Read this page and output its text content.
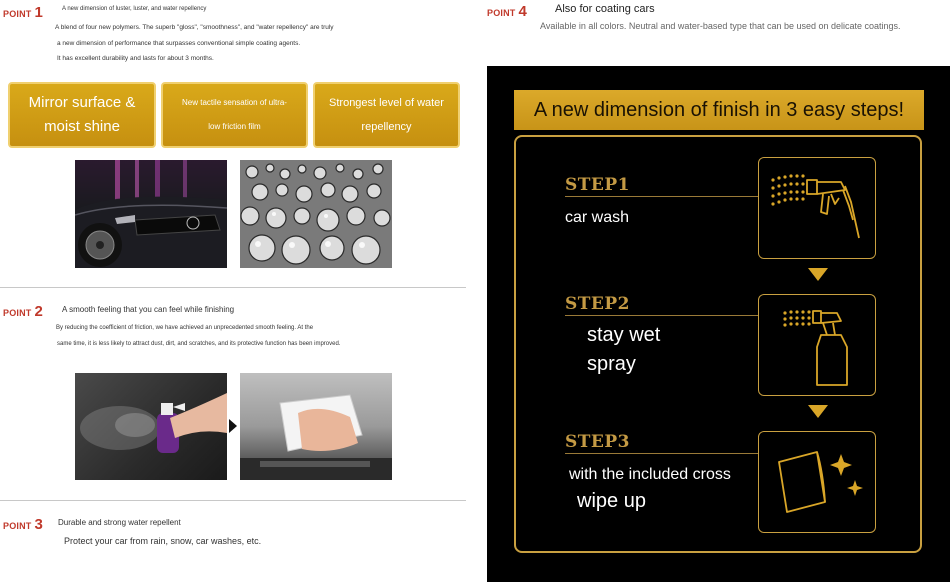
POINT 1	A new dimension of luster, luster, and water repellency
A blend of four new polymers. The superb "gloss", "smoothness", and "water repellency" are truly
a new dimension of performance that surpasses conventional simple coating agents.
It has excellent durability and lasts for about 3 months.
Mirror surface &
moist shine
New tactile sensation of ultra-
low friction film
Strongest level of water
repellency
POINT 2 A smooth feeling that you can feel while finishing
By reducing the coefficient of friction, we have achieved an unprecedented smooth feeling. At the
same time, it is less likely to attract dust, dirt, and scratches, and its protective function has been improved.
POINT 3 Durable and strong water repellent
Protect your car from rain, snow, car washes, etc.
POINT 4	Also for coating cars
Available in all colors. Neutral and water-based type that can be used on delicate coatings.
A new dimension of finish in 3 easy steps!
STEP1
car wash
STEP2
stay wet
spray
STEP3
with the included cross
wipe up
